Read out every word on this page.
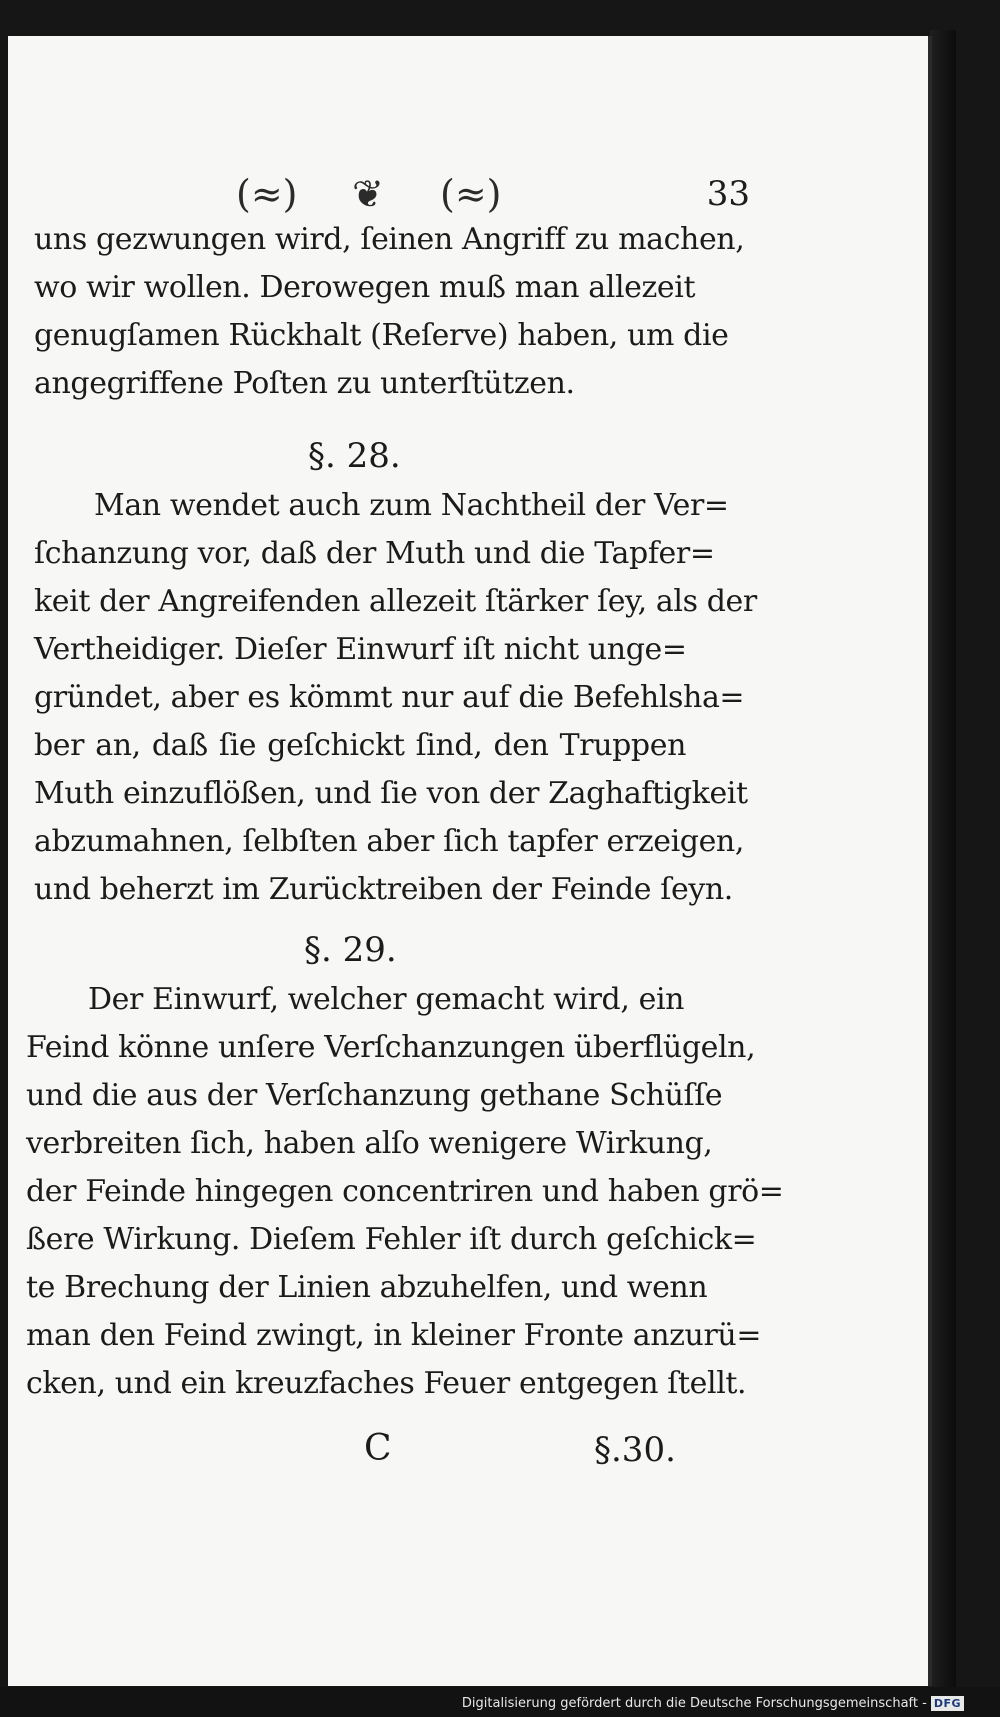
(≈) ❦ (≈)	33
uns gezwungen wird, ſeinen Angriff zu machen,
wo wir wollen. Derowegen muß man allezeit
genugſamen Rückhalt (Reſerve) haben, um die
angegriffene Poſten zu unterſtützen.
§. 28.
Man wendet auch zum Nachtheil der Ver=
ſchanzung vor, daß der Muth und die Tapfer=
keit der Angreifenden allezeit ſtärker ſey, als der
Vertheidiger. Dieſer Einwurf iſt nicht unge=
gründet, aber es kömmt nur auf die Befehlsha=
ber an, daß ſie geſchickt ſind, den Truppen
Muth einzuflößen, und ſie von der Zaghaftigkeit
abzumahnen, ſelbſten aber ſich tapfer erzeigen,
und beherzt im Zurücktreiben der Feinde ſeyn.
§. 29.
Der Einwurf, welcher gemacht wird, ein
Feind könne unſere Verſchanzungen überflügeln,
und die aus der Verſchanzung gethane Schüſſe
verbreiten ſich, haben alſo wenigere Wirkung,
der Feinde hingegen concentriren und haben grö=
ßere Wirkung. Dieſem Fehler iſt durch geſchick=
te Brechung der Linien abzuhelfen, und wenn
man den Feind zwingt, in kleiner Fronte anzurü=
cken, und ein kreuzfaches Feuer entgegen ſtellt.
C	§.30.
Digitalisierung gefördert durch die Deutsche Forschungsgemeinschaft - DFG
